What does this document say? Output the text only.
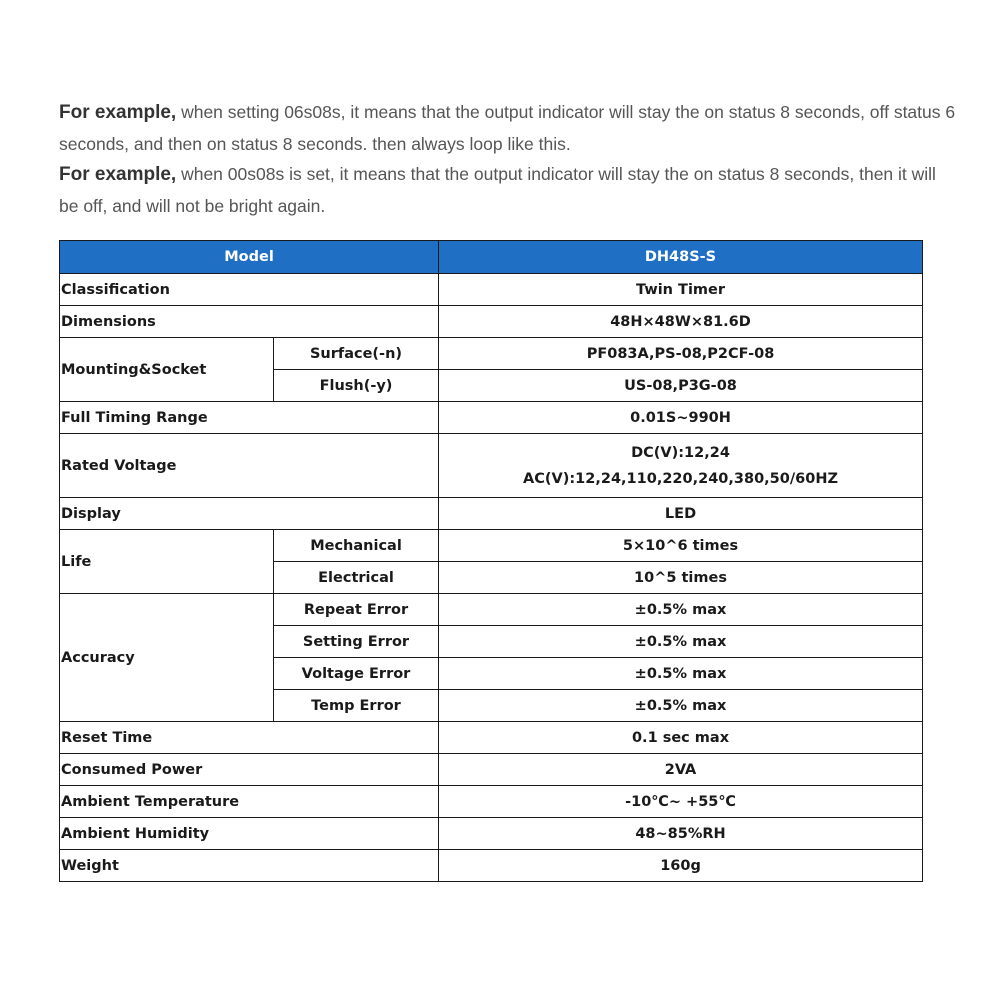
For example, when setting 06s08s, it means that the output indicator will stay the on status 8 seconds, off status 6 seconds, and then on status 8 seconds. then always loop like this.

For example, when 00s08s is set, it means that the output indicator will stay the on status 8 seconds, then it will be off, and will not be bright again.

Model		DH48S-S
Classification		Twin Timer
Dimensions		48H×48W×81.6D
Mounting&Socket	Surface(-n)	PF083A,PS-08,P2CF-08
	Flush(-y)	US-08,P3G-08
Full Timing Range		0.01S~990H
Rated Voltage		DC(V):12,24
AC(V):12,24,110,220,240,380,50/60HZ

Display		LED
Life	Mechanical	5×10^6 times
	Electrical	10^5 times
Accuracy	Repeat Error	±0.5% max
	Setting Error	±0.5% max
	Voltage Error	±0.5% max
	Temp Error	±0.5% max
Reset Time		0.1 sec max
Consumed Power		2VA
Ambient Temperature		-10℃~ +55℃
Ambient Humidity		48~85%RH
Weight		160g
